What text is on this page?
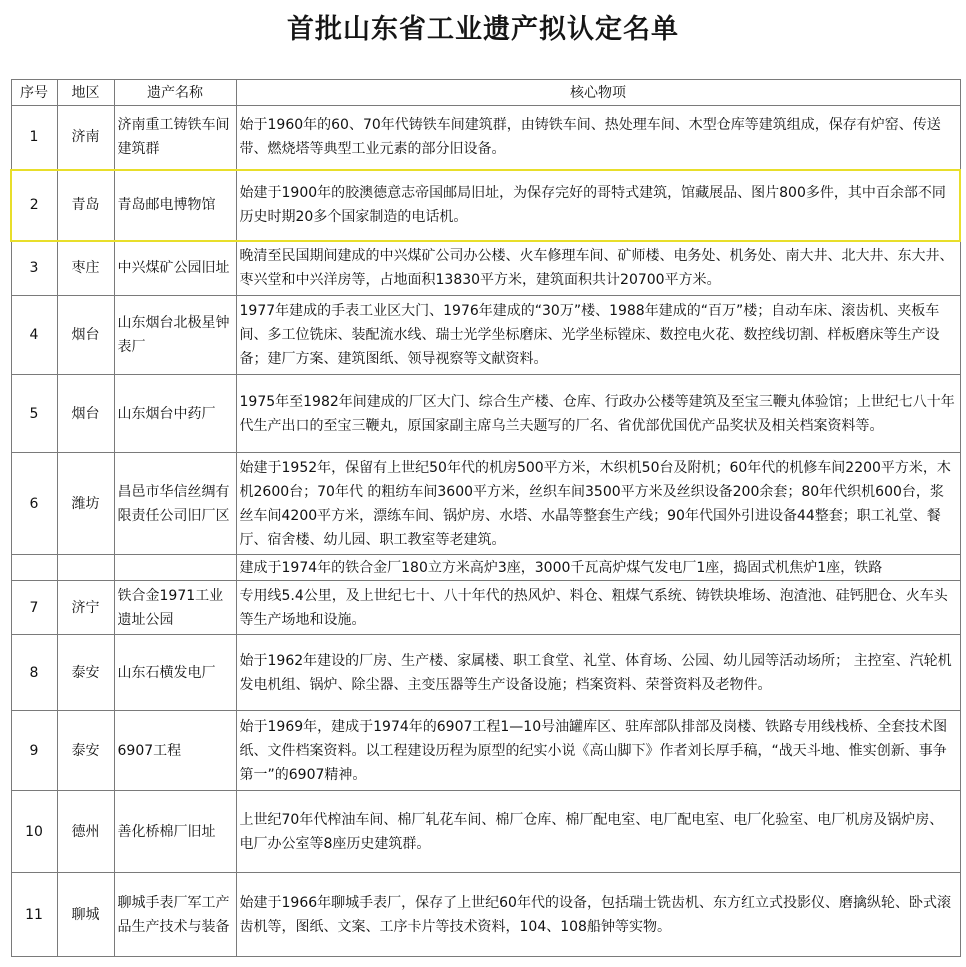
首批山东省工业遗产拟认定名单
序号	地区	遗产名称	核心物项
1	济南	济南重工铸铁车间建筑群	始于1960年的60、70年代铸铁车间建筑群，由铸铁车间、热处理车间、木型仓库等建筑组成，保存有炉窑、传送带、燃烧塔等典型工业元素的部分旧设备。
2	青岛	青岛邮电博物馆	始建于1900年的胶澳德意志帝国邮局旧址，为保存完好的哥特式建筑，馆藏展品、图片800多件，其中百余部不同历史时期20多个国家制造的电话机。
3	枣庄	中兴煤矿公园旧址	晚清至民国期间建成的中兴煤矿公司办公楼、火车修理车间、矿师楼、电务处、机务处、南大井、北大井、东大井、枣兴堂和中兴洋房等，占地面积13830平方米，建筑面积共计20700平方米。
4	烟台	山东烟台北极星钟表厂	1977年建成的手表工业区大门、1976年建成的“30万”楼、1988年建成的“百万”楼；自动车床、滚齿机、夹板车间、多工位铣床、装配流水线、瑞士光学坐标磨床、光学坐标镗床、数控电火花、数控线切割、样板磨床等生产设备；建厂方案、建筑图纸、领导视察等文献资料。
5	烟台	山东烟台中药厂	1975年至1982年间建成的厂区大门、综合生产楼、仓库、行政办公楼等建筑及至宝三鞭丸体验馆；上世纪七八十年代生产出口的至宝三鞭丸，原国家副主席乌兰夫题写的厂名、省优部优国优产品奖状及相关档案资料等。
6	潍坊	昌邑市华信丝绸有限责任公司旧厂区	始建于1952年，保留有上世纪50年代的机房500平方米，木织机50台及附机；60年代的机修车间2200平方米，木机2600台；70年代 的粗纺车间3600平方米，丝织车间3500平方米及丝织设备200余套；80年代织机600台，浆丝车间4200平方米，漂练车间、锅炉房、水塔、水晶等整套生产线；90年代国外引进设备44整套；职工礼堂、餐厅、宿舍楼、幼儿园、职工教室等老建筑。
			建成于1974年的铁合金厂180立方米高炉3座，3000千瓦高炉煤气发电厂1座，捣固式机焦炉1座，铁路
7	济宁	铁合金1971工业遗址公园	专用线5.4公里，及上世纪七十、八十年代的热风炉、料仓、粗煤气系统、铸铁块堆场、泡渣池、硅钙肥仓、火车头等生产场地和设施。
8	泰安	山东石横发电厂	始于1962年建设的厂房、生产楼、家属楼、职工食堂、礼堂、体育场、公园、幼儿园等活动场所； 主控室、汽轮机发电机组、锅炉、除尘器、主变压器等生产设备设施；档案资料、荣誉资料及老物件。
9	泰安	6907工程	始于1969年，建成于1974年的6907工程1—10号油罐库区、驻库部队排部及岗楼、铁路专用线栈桥、全套技术图纸、文件档案资料。以工程建设历程为原型的纪实小说《高山脚下》作者刘长厚手稿，“战天斗地、惟实创新、事争第一”的6907精神。
10	德州	善化桥棉厂旧址	上世纪70年代榨油车间、棉厂轧花车间、棉厂仓库、棉厂配电室、电厂配电室、电厂化验室、电厂机房及锅炉房、电厂办公室等8座历史建筑群。
11	聊城	聊城手表厂军工产品生产技术与装备	始建于1966年聊城手表厂，保存了上世纪60年代的设备，包括瑞士铣齿机、东方红立式投影仪、磨擒纵轮、卧式滚齿机等，图纸、文案、工序卡片等技术资料，104、108船钟等实物。
